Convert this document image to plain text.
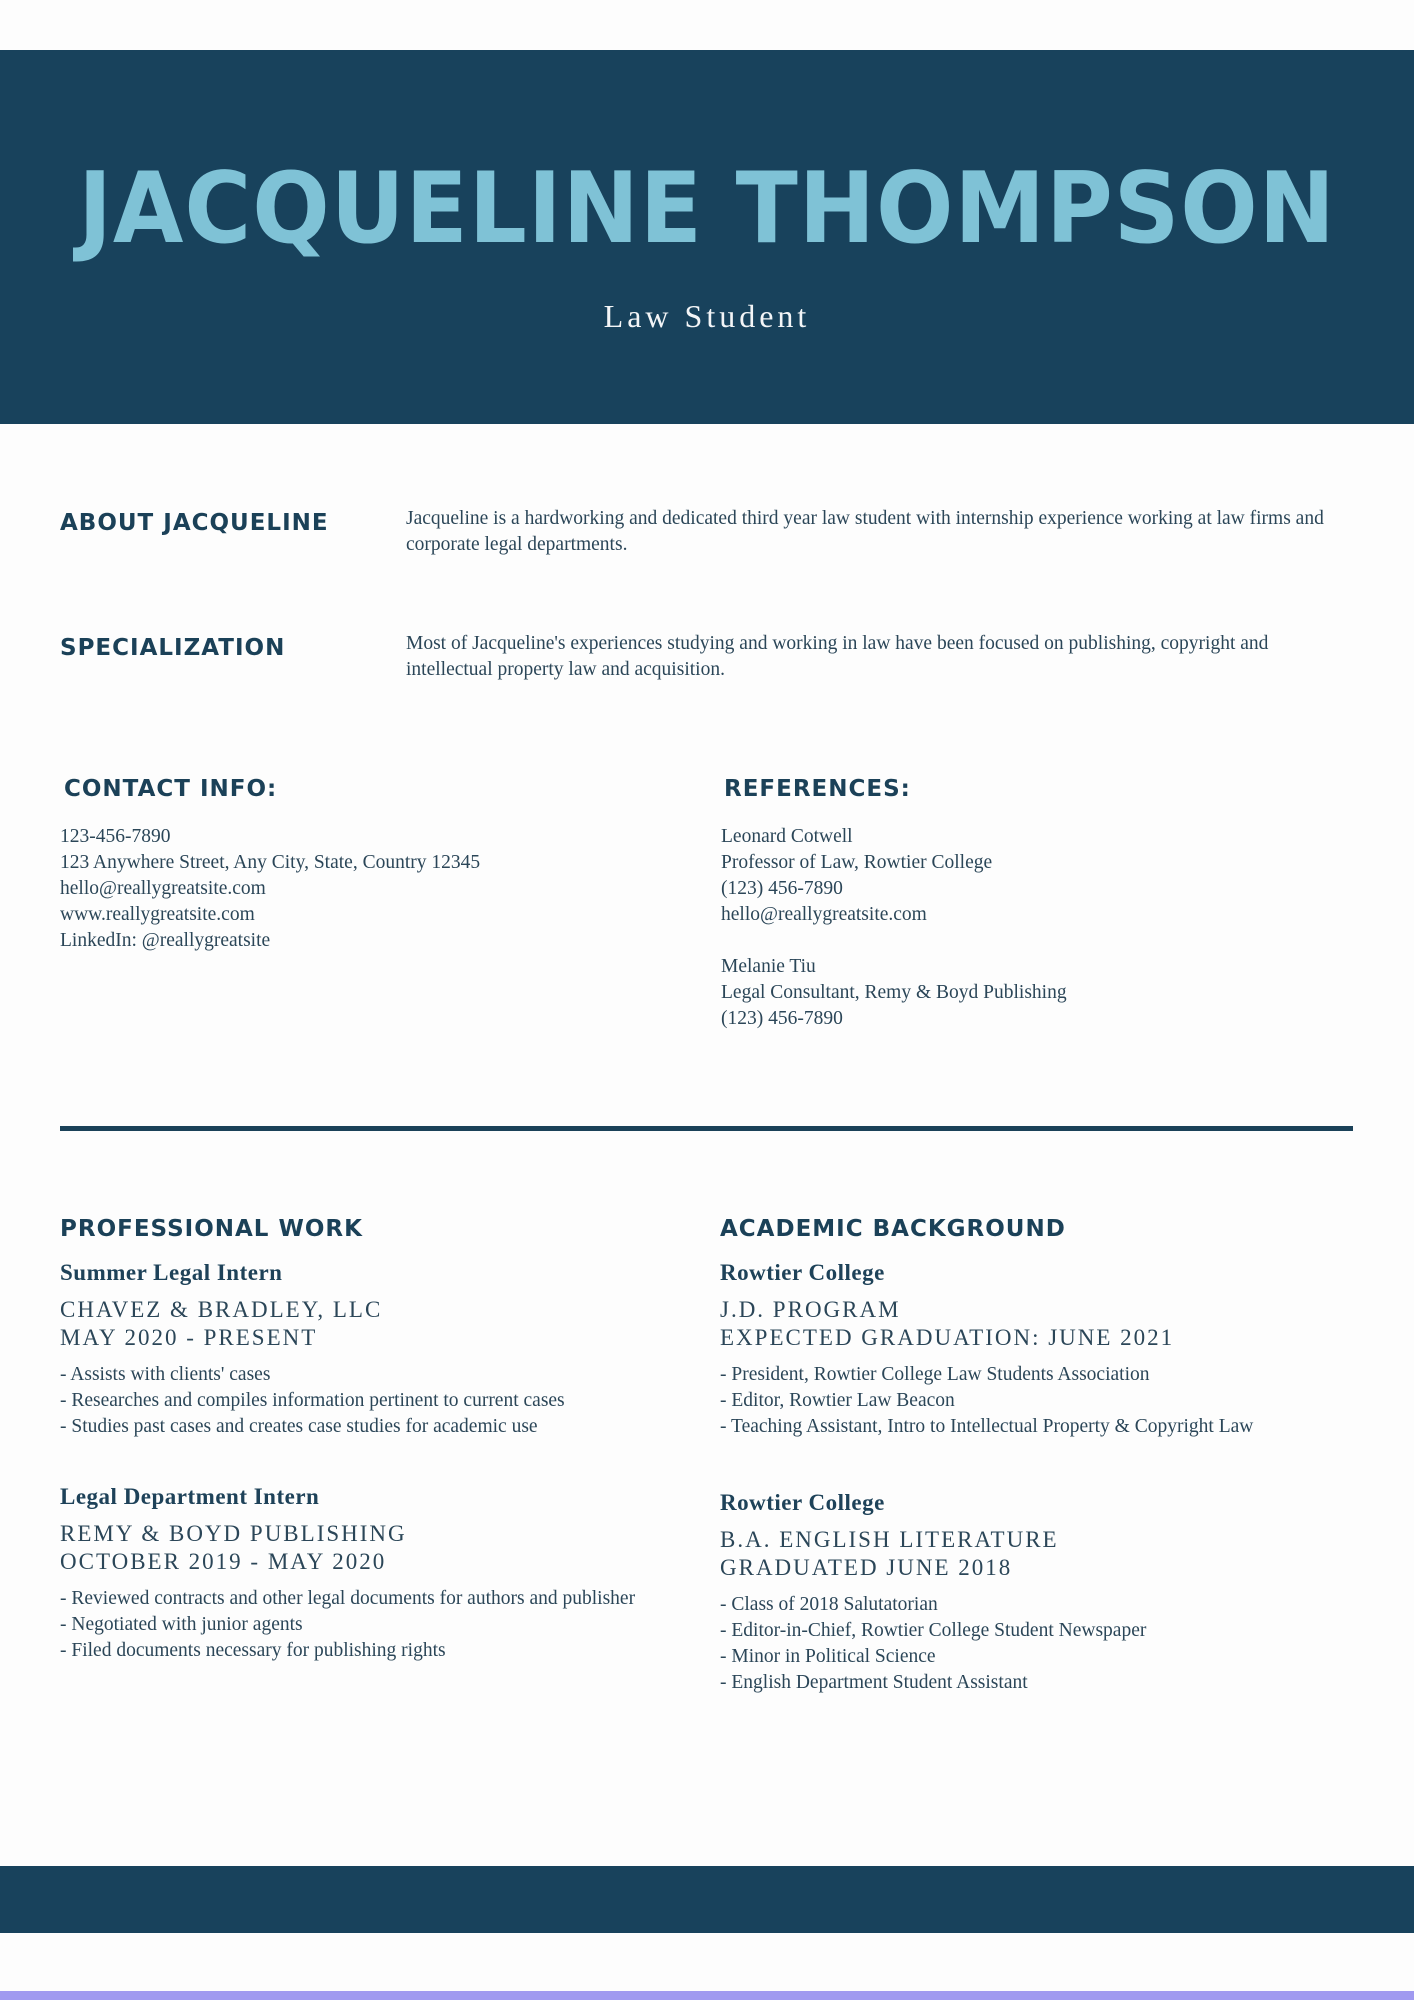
JACQUELINE THOMPSON
Law Student
ABOUT JACQUELINE	Jacqueline is a hardworking and dedicated third year law student with internship experience working at law firms and corporate legal departments.

SPECIALIZATION	Most of Jacqueline's experiences studying and working in law have been focused on publishing, copyright and intellectual property law and acquisition.

CONTACT INFO:
123-456-7890
123 Anywhere Street, Any City, State, Country 12345
hello@reallygreatsite.com
www.reallygreatsite.com
LinkedIn: @reallygreatsite
REFERENCES:
Leonard Cotwell
Professor of Law, Rowtier College
(123) 456-7890
hello@reallygreatsite.com
Melanie Tiu
Legal Consultant, Remy & Boyd Publishing
(123) 456-7890
PROFESSIONAL WORK
Summer Legal Intern
CHAVEZ & BRADLEY, LLC
MAY 2020 - PRESENT
- Assists with clients' cases
- Researches and compiles information pertinent to current cases
- Studies past cases and creates case studies for academic use
Legal Department Intern
REMY & BOYD PUBLISHING
OCTOBER 2019 - MAY 2020
- Reviewed contracts and other legal documents for authors and publisher
- Negotiated with junior agents
- Filed documents necessary for publishing rights
ACADEMIC BACKGROUND
Rowtier College
J.D. PROGRAM
EXPECTED GRADUATION: JUNE 2021
- President, Rowtier College Law Students Association
- Editor, Rowtier Law Beacon
- Teaching Assistant, Intro to Intellectual Property & Copyright Law
Rowtier College
B.A. ENGLISH LITERATURE
GRADUATED JUNE 2018
- Class of 2018 Salutatorian
- Editor-in-Chief, Rowtier College Student Newspaper
- Minor in Political Science
- English Department Student Assistant
